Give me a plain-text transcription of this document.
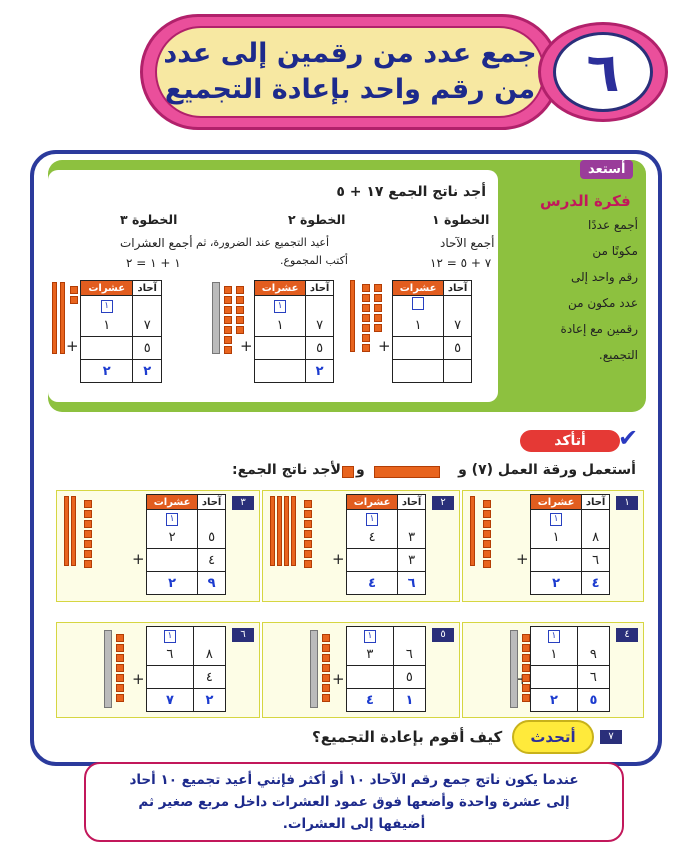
جمع عدد من رقمين إلى عدد
من رقم واحد بإعادة التجميع ٦
أستعد
فكرة الدرس
أجمع عددًا
مكونًا من
رقم واحد إلى
عدد مكون من
رقمين مع إعادة
التجميع.
أجد ناتج الجمع ١٧ + ٥
الخطوة ١
أجمع الآحاد
٧ + ٥ = ١٢
آحاد	عشرات

٧	١
٥	

+
الخطوة ٢
أعيد التجميع عند الضرورة، ثم
أكتب المجموع.
آحاد	عشرات
	١
٧	١
٥	
٢	
+
الخطوة ٣
أجمع العشرات
١ + ١ = ٢
آحاد	عشرات
	١
٧	١
٥	
٢	٢
+
أتأكد	✔
أستعمل ورقة العمل (٧) و
و
لأجد ناتج الجمع:
٧
أتحدث
كيف أقوم بإعادة التجميع؟
عندما يكون ناتج جمع رقم الآحاد ١٠ أو أكثر فإنني أعيد تجميع ١٠ أحاد
إلى عشرة واحدة وأضعها فوق عمود العشرات داخل مربع صغير ثم
أضيفها إلى العشرات.
١
آحاد	عشرات
	١
٨	١
٦	
٤	٢
+
٢
آحاد	عشرات
	١
٣	٤
٣	
٦	٤
+
٣
آحاد	عشرات
	١
٥	٢
٤	
٩	٢
+
٤
	١
٩	١
٦	
٥	٢
٥
	١
٦	٣
٥	
١	٤
+
٦
	١
٨	٦
٤	
٢	٧
+
